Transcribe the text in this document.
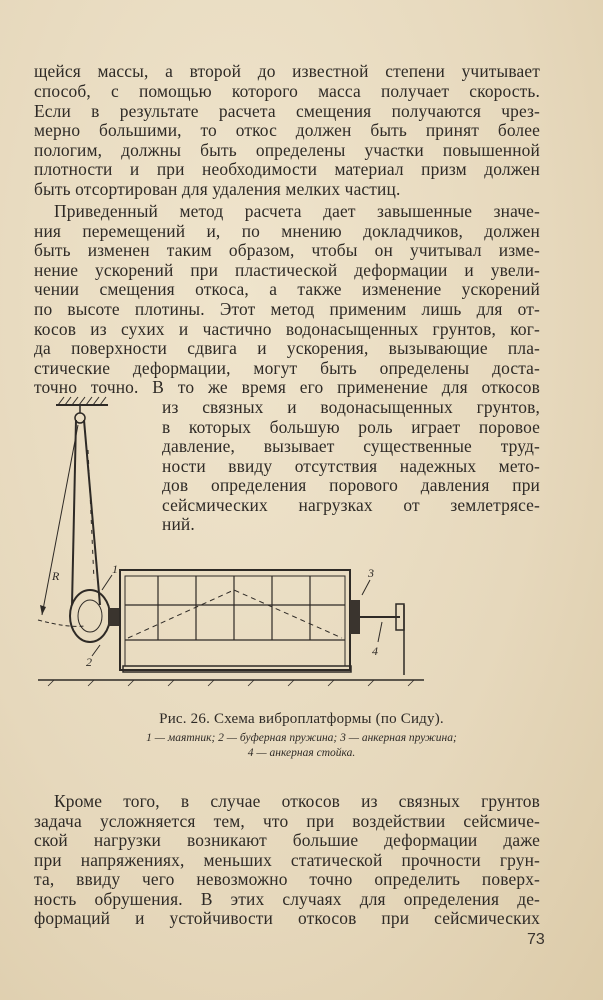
щейся массы, а второй до известной степени учитывает
способ, с помощью которого масса получает скорость.
Если в результате расчета смещения получаются чрез-
мерно большими, то откос должен быть принят более
пологим, должны быть определены участки повышенной
плотности и при необходимости материал призм должен
быть отсортирован для удаления мелких частиц.
Приведенный метод расчета дает завышенные значе-
ния перемещений и, по мнению докладчиков, должен
быть изменен таким образом, чтобы он учитывал изме-
нение ускорений при пластической деформации и увели-
чении смещения откоса, а также изменение ускорений
по высоте плотины. Этот метод применим лишь для от-
косов из сухих и частично водонасыщенных грунтов, ког-
да поверхности сдвига и ускорения, вызывающие пла-
стические деформации, могут быть определены доста-
точно точно. В то же время его применение для откосов
из связных и водонасыщенных грунтов,
в которых большую роль играет поровое
давление, вызывает существенные труд-
ности ввиду отсутствия надежных мето-
дов определения порового давления при
сейсмических нагрузках от землетрясе-
ний.
R	1
2
3
4
Рис. 26. Схема виброплатформы (по Сиду).
1 — маятник; 2 — буферная пружина; 3 — анкерная пружина;
4 — анкерная стойка.
Кроме того, в случае откосов из связных грунтов
задача усложняется тем, что при воздействии сейсмиче-
ской нагрузки возникают большие деформации даже
при напряжениях, меньших статической прочности грун-
та, ввиду чего невозможно точно определить поверх-
ность обрушения. В этих случаях для определения де-
формаций и устойчивости откосов при сейсмических
73
